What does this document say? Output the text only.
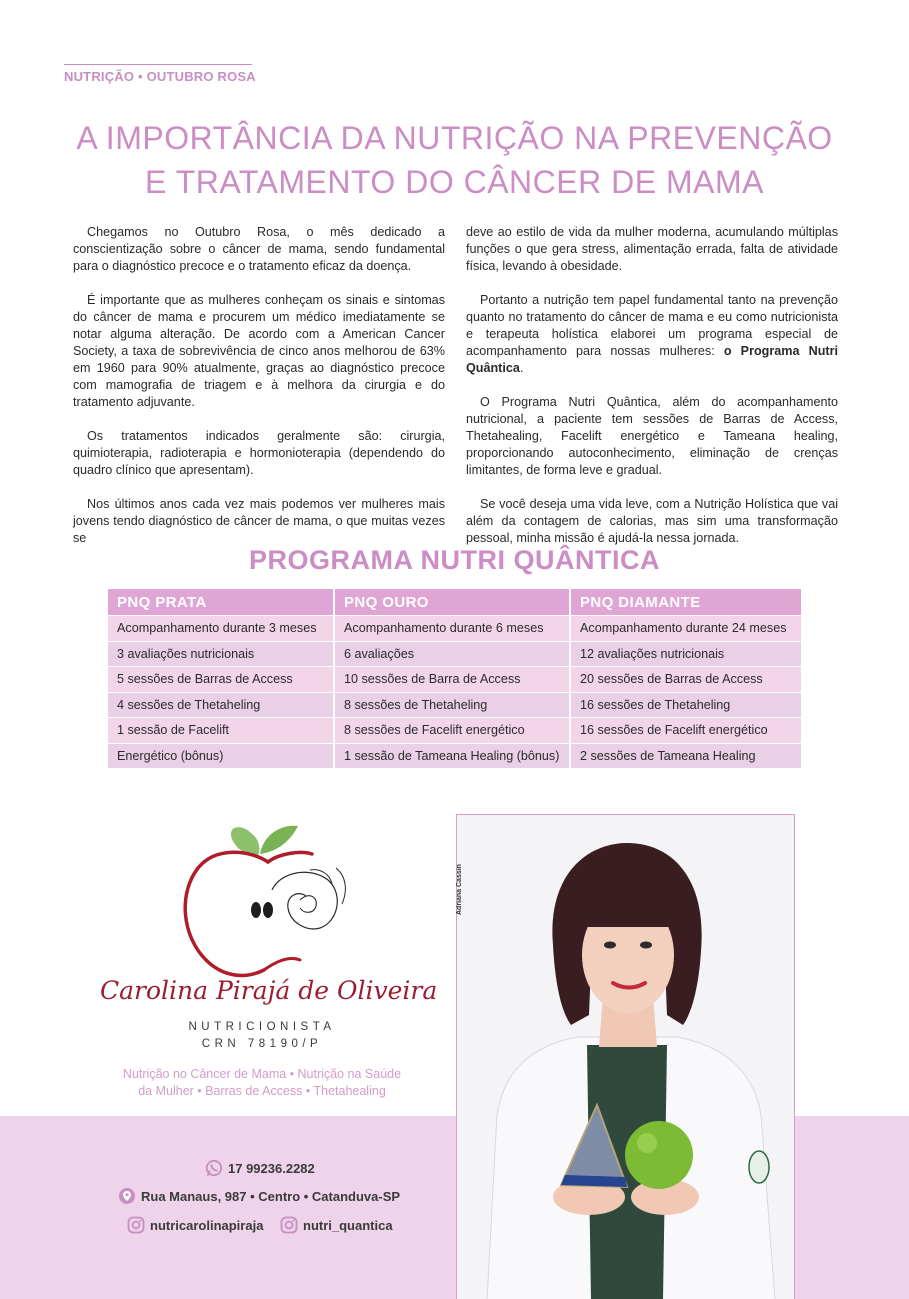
NUTRIÇÃO • OUTUBRO ROSA
A IMPORTÂNCIA DA NUTRIÇÃO NA PREVENÇÃO
E TRATAMENTO DO CÂNCER DE MAMA

Chegamos no Outubro Rosa, o mês dedicado a conscientização sobre o câncer de mama, sendo fundamental para o diagnóstico precoce e o tratamento eficaz da doença.

É importante que as mulheres conheçam os sinais e sintomas do câncer de mama e procurem um médico imediatamente se notar alguma alteração. De acordo com a American Cancer Society, a taxa de sobrevivência de cinco anos melhorou de 63% em 1960 para 90% atualmente, graças ao diagnóstico precoce com mamografia de triagem e à melhora da cirurgia e do tratamento adjuvante.

Os tratamentos indicados geralmente são: cirurgia, quimioterapia, radioterapia e hormonioterapia (dependendo do quadro clínico que apresentam).

Nos últimos anos cada vez mais podemos ver mulheres mais jovens tendo diagnóstico de câncer de mama, o que muitas vezes se

deve ao estilo de vida da mulher moderna, acumulando múltiplas funções o que gera stress, alimentação errada, falta de atividade física, levando à obesidade.

Portanto a nutrição tem papel fundamental tanto na prevenção quanto no tratamento do câncer de mama e eu como nutricionista e terapeuta holística elaborei um programa especial de acompanhamento para nossas mulheres: o Programa Nutri Quântica.

O Programa Nutri Quântica, além do acompanhamento nutricional, a paciente tem sessões de Barras de Access, Thetahealing, Facelift energético e Tameana healing, proporcionando autoconhecimento, eliminação de crenças limitantes, de forma leve e gradual.

Se você deseja uma vida leve, com a Nutrição Holística que vai além da contagem de calorias, mas sim uma transformação pessoal, minha missão é ajudá-la nessa jornada.

PROGRAMA NUTRI QUÂNTICA
PNQ PRATA	PNQ OURO	PNQ DIAMANTE
Acompanhamento durante 3 meses	Acompanhamento durante 6 meses	Acompanhamento durante 24 meses
3 avaliações nutricionais	6 avaliações	12 avaliações nutricionais
5 sessões de Barras de Access	10 sessões de Barra de Access	20 sessões de Barras de Access
4 sessões de Thetaheling	8 sessões de Thetaheling	16 sessões de Thetaheling
1 sessão de Facelift	8 sessões de Facelift energético	16 sessões de Facelift energético
Energético (bônus)	1 sessão de Tameana Healing (bônus)	2 sessões de Tameana Healing
Carolina Pirajá de Oliveira
NUTRICIONISTA
CRN 78190/P
Nutrição no Câncer de Mama • Nutrição na Saúde
da Mulher • Barras de Access • Thetahealing
17 99236.2282
Rua Manaus, 987 • Centro • Catanduva-SP
nutricarolinapiraja	nutri_quantica
Adriana Cassin
